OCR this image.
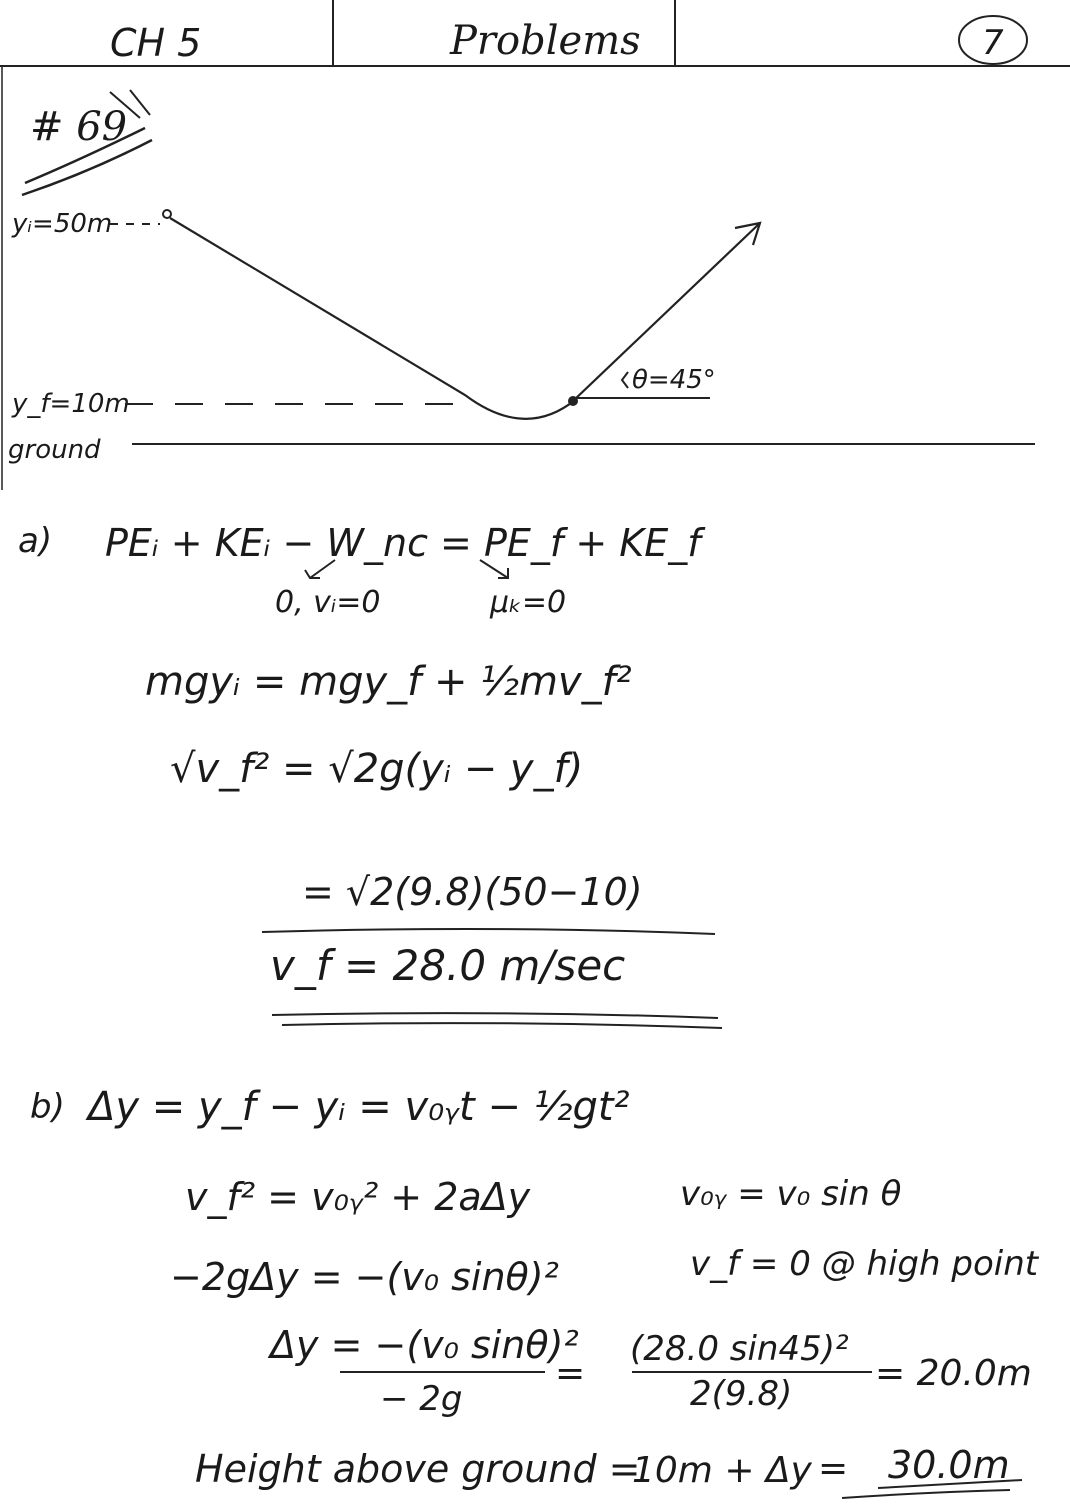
CH 5	Problems	7
# 69
yᵢ=50m
θ=45°
y_f=10m
ground
a) PEᵢ + KEᵢ − W_nc = PE_f + KE_f
0, vᵢ=0	μₖ=0
mgyᵢ = mgy_f + ½mv_f²
√v_f² = √2g(yᵢ − y_f)
= √2(9.8)(50−10)
v_f = 28.0 m/sec
b) Δy = y_f − yᵢ = v₀ᵧt − ½gt²
v_f² = v₀ᵧ² + 2aΔy	v₀ᵧ = v₀ sin θ
−2gΔy = −(v₀ sinθ)²	v_f = 0 @ high point
Δy = −(v₀ sinθ)²
− 2g
=
(28.0 sin45)²
2(9.8) = 20.0m
Height above ground =
10m + Δy = 30.0m
